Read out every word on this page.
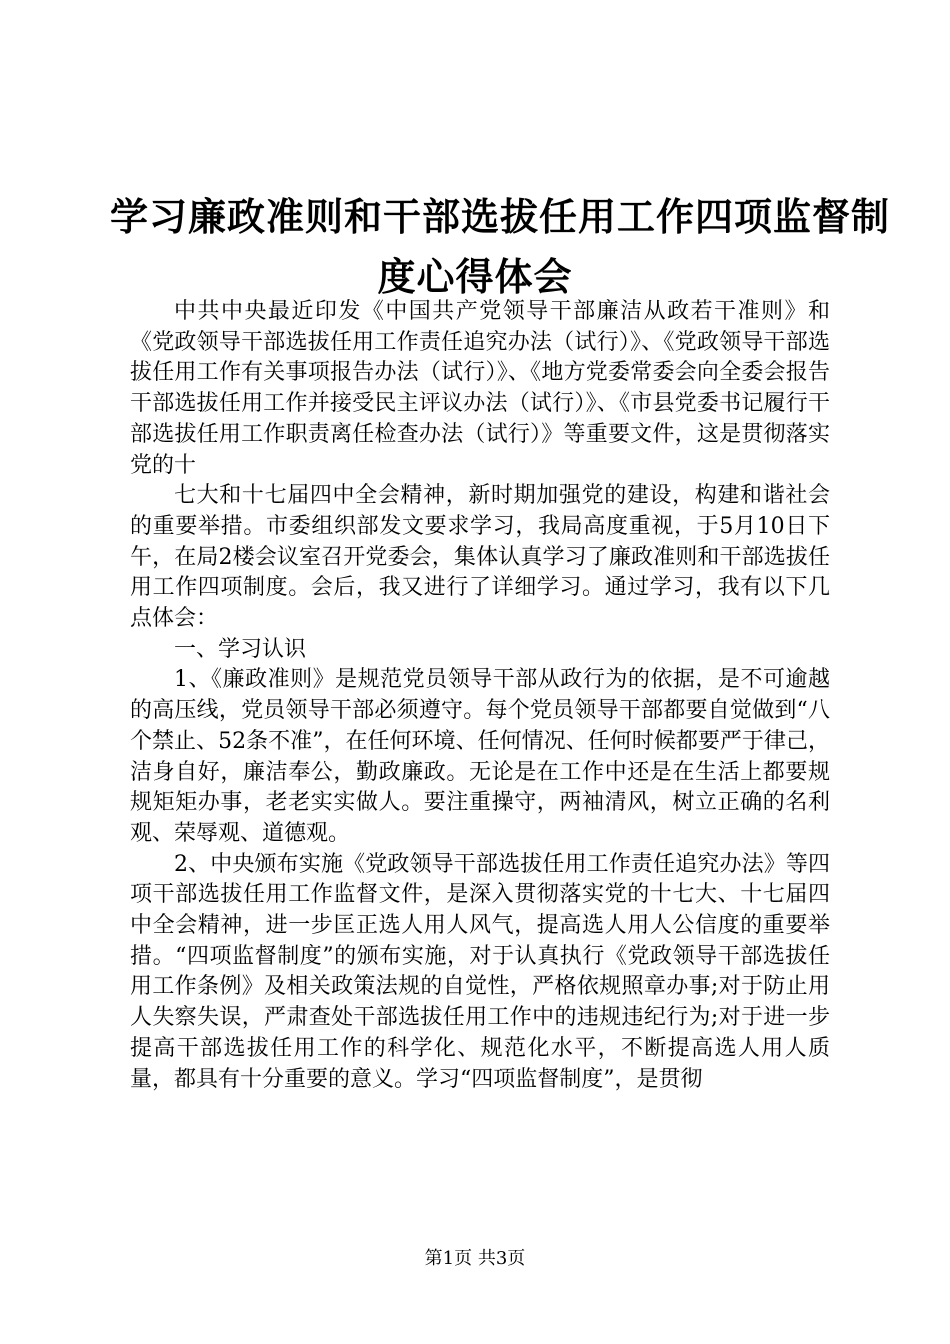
学习廉政准则和干部选拔任用工作四项监督制
度心得体会

中共中央最近印发《中国共产党领导干部廉洁从政若干准则》和《党政领导干部选拔任用工作责任追究办法（试行）》、《党政领导干部选拔任用工作有关事项报告办法（试行）》、《地方党委常委会向全委会报告干部选拔任用工作并接受民主评议办法（试行）》、《市县党委书记履行干部选拔任用工作职责离任检查办法（试行）》等重要文件，这是贯彻落实党的十

七大和十七届四中全会精神，新时期加强党的建设，构建和谐社会的重要举措。市委组织部发文要求学习，我局高度重视，于5月10日下午，在局2楼会议室召开党委会，集体认真学习了廉政准则和干部选拔任用工作四项制度。会后，我又进行了详细学习。通过学习，我有以下几点体会：

一、学习认识

1、《廉政准则》是规范党员领导干部从政行为的依据，是不可逾越的高压线，党员领导干部必须遵守。每个党员领导干部都要自觉做到“八个禁止、52条不准”，在任何环境、任何情况、任何时候都要严于律己，洁身自好，廉洁奉公，勤政廉政。无论是在工作中还是在生活上都要规规矩矩办事，老老实实做人。要注重操守，两袖清风，树立正确的名利观、荣辱观、道德观。

2、中央颁布实施《党政领导干部选拔任用工作责任追究办法》等四项干部选拔任用工作监督文件，是深入贯彻落实党的十七大、十七届四中全会精神，进一步匡正选人用人风气，提高选人用人公信度的重要举措。“四项监督制度”的颁布实施，对于认真执行《党政领导干部选拔任用工作条例》及相关政策法规的自觉性，严格依规照章办事;对于防止用人失察失误，严肃查处干部选拔任用工作中的违规违纪行为;对于进一步提高干部选拔任用工作的科学化、规范化水平，不断提高选人用人质量，都具有十分重要的意义。学习“四项监督制度”，是贯彻

第1页 共3页
